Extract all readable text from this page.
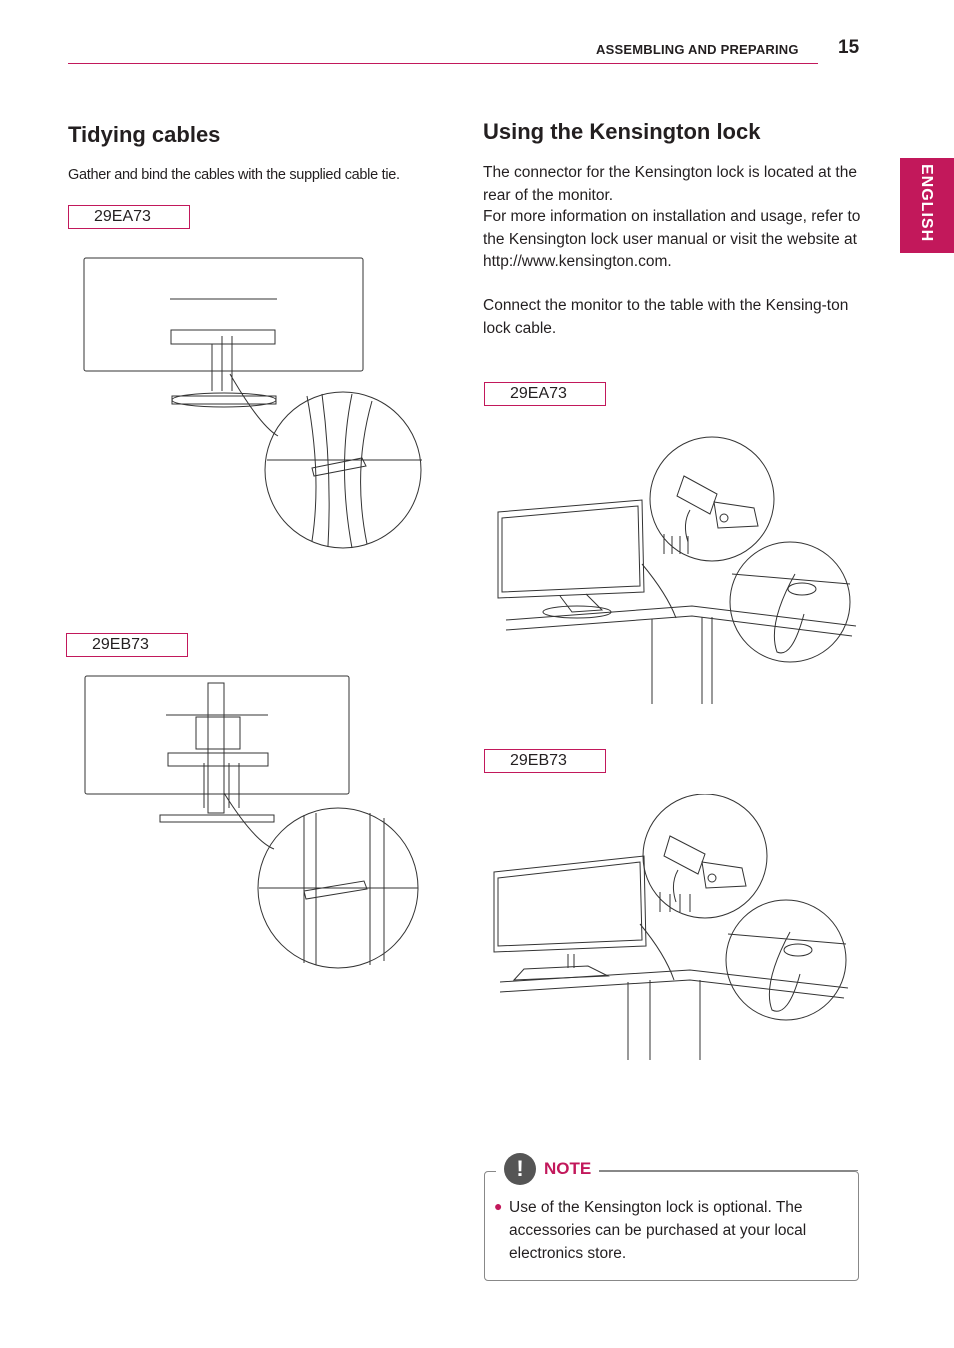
ASSEMBLING AND PREPARING 15
ENGLISH
Tidying cables
Gather and bind the cables with the supplied cable tie.
29EA73
29EB73
Using the Kensington lock
The connector for the Kensington lock is located at the rear of the monitor.
For more information on installation and usage, refer to the Kensington lock user manual or visit the website at http://www.kensington.com.
Connect the monitor to the table with the Kensing-ton lock cable.
29EA73
29EB73
!	NOTE
● Use of the Kensington lock is optional. The accessories can be purchased at your local electronics store.
